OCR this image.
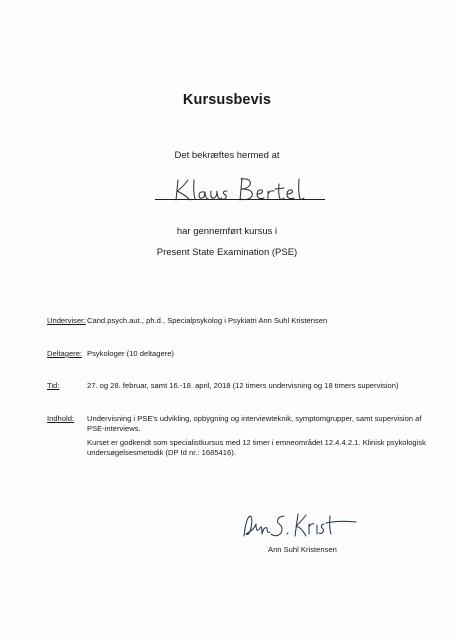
Kursusbevis
Det bekræftes hermed at
har gennemført kursus i
Present State Examination (PSE)
Underviser: Cand.psych.aut., ph.d., Specialpsykolog i Psykiatri Ann Suhl Kristensen
Deltagere: Psykologer (10 deltagere)
Tid:	27. og 28. februar, samt 16.-18. april, 2018 (12 timers undervisning og 18 timers supervision)
Indhold: Undervisning i PSE's udvikling, opbygning og interviewteknik, symptomgrupper, samt supervision af PSE-interviews.

Kurset er godkendt som specialistkursus med 12 timer i emneområdet 12.4.4.2.1. Klinisk psykologisk undersøgelsesmetodik (DP Id nr.: 1685416).

Ann Suhl Kristensen
